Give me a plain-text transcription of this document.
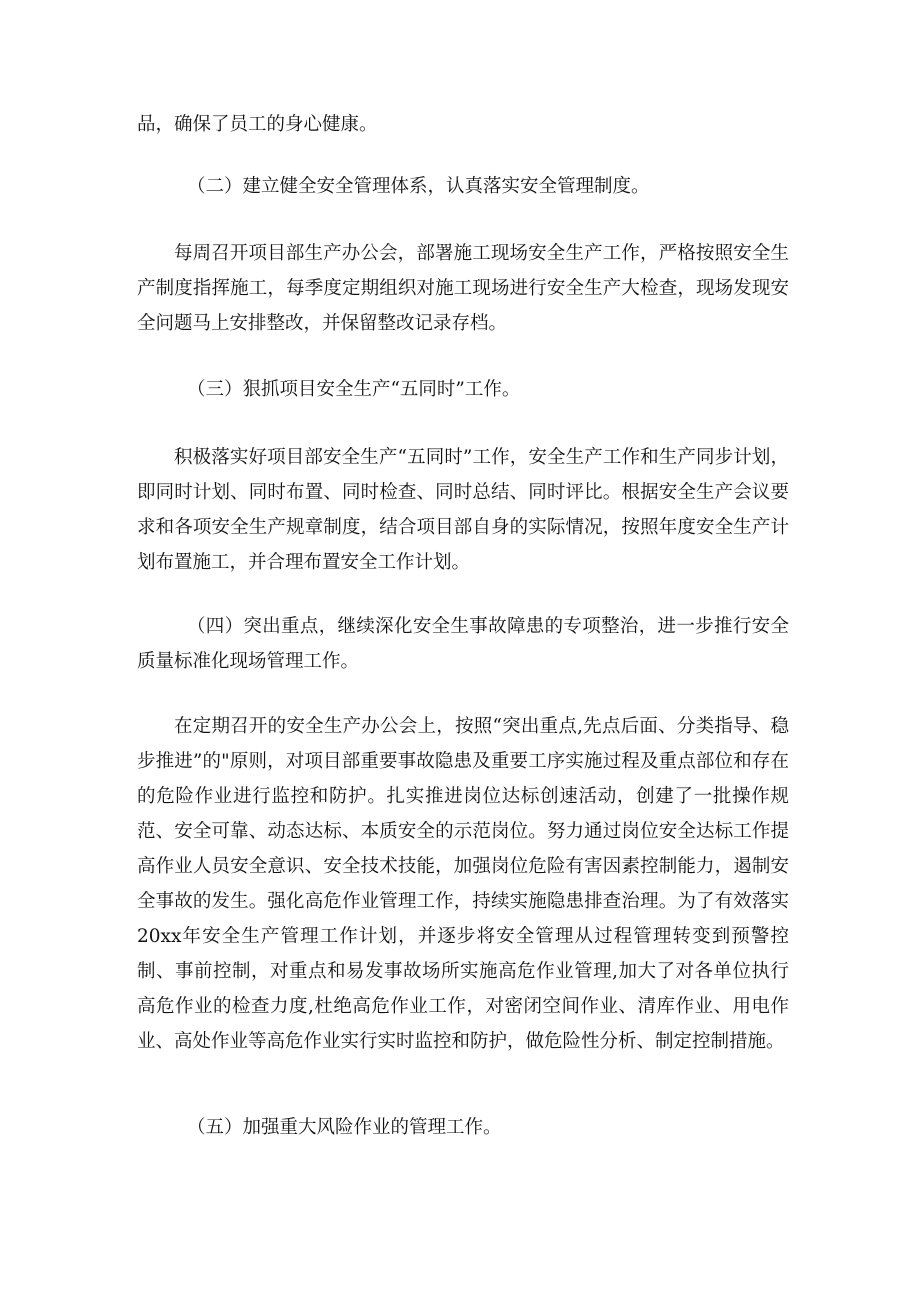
品，确保了员工的身心健康。

（二）建立健全安全管理体系，认真落实安全管理制度。

每周召开项目部生产办公会，部署施工现场安全生产工作，严格按照安全生产制度指挥施工，每季度定期组织对施工现场进行安全生产大检查，现场发现安全问题马上安排整改，并保留整改记录存档。

（三）狠抓项目安全生产“五同时”工作。

积极落实好项目部安全生产“五同时”工作，安全生产工作和生产同步计划，即同时计划、同时布置、同时检查、同时总结、同时评比。根据安全生产会议要求和各项安全生产规章制度，结合项目部自身的实际情况，按照年度安全生产计划布置施工，并合理布置安全工作计划。

（四）突出重点，继续深化安全生事故障患的专项整治，进一步推行安全质量标准化现场管理工作。

在定期召开的安全生产办公会上，按照“突出重点,先点后面、分类指导、稳步推进”的"原则，对项目部重要事故隐患及重要工序实施过程及重点部位和存在的危险作业进行监控和防护。扎实推进岗位达标创速活动，创建了一批操作规范、安全可靠、动态达标、本质安全的示范岗位。努力通过岗位安全达标工作提高作业人员安全意识、安全技术技能，加强岗位危险有害因素控制能力，遏制安全事故的发生。强化高危作业管理工作，持续实施隐患排查治理。为了有效落实20xx年安全生产管理工作计划，并逐步将安全管理从过程管理转变到预警控制、事前控制，对重点和易发事故场所实施高危作业管理,加大了对各单位执行高危作业的检查力度,杜绝高危作业工作，对密闭空间作业、清库作业、用电作业、高处作业等高危作业实行实时监控和防护，做危险性分析、制定控制措施。

（五）加强重大风险作业的管理工作。
